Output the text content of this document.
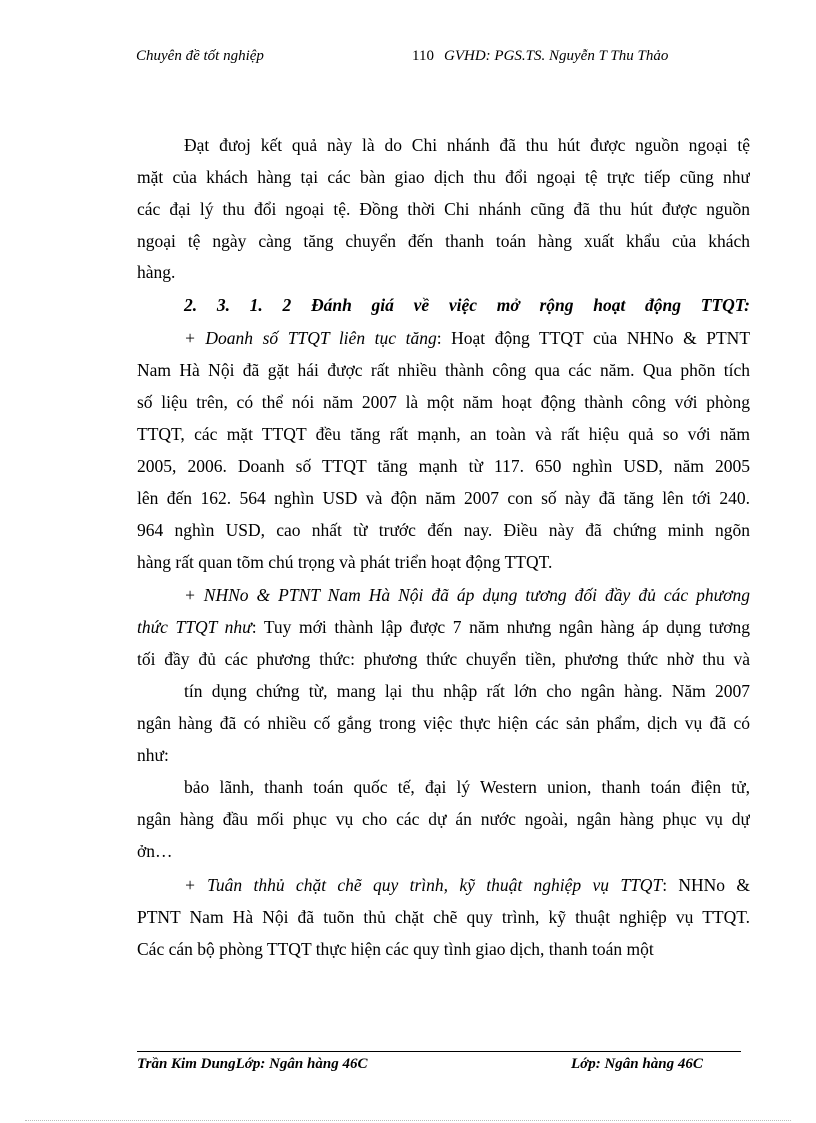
Chuyên đề tốt nghiệp	110 GVHD: PGS.TS. Nguyễn T Thu Thảo
Đạt đưoj kết quả này là do Chi nhánh đã thu hút được nguồn ngoại tệ
mặt của khách hàng tại các bàn giao dịch thu đổi ngoại tệ trực tiếp cũng như
các đại lý thu đổi ngoại tệ. Đồng thời Chi nhánh cũng đã thu hút được nguồn
ngoại tệ ngày càng tăng chuyển đến thanh toán hàng xuất khẩu của khách
hàng.
2. 3. 1. 2 Đánh giá về việc mở rộng hoạt động TTQT:
+ Doanh số TTQT liên tục tăng: Hoạt động TTQT của NHNo & PTNT
Nam Hà Nội đã gặt hái được rất nhiều thành công qua các năm. Qua phõn tích
số liệu trên, có thể nói năm 2007 là một năm hoạt động thành công với phòng
TTQT, các mặt TTQT đều tăng rất mạnh, an toàn và rất hiệu quả so với năm
2005, 2006. Doanh số TTQT tăng mạnh từ 117. 650 nghìn USD, năm 2005
lên đến 162. 564 nghìn USD và độn năm 2007 con số này đã tăng lên tới 240.
964 nghìn USD, cao nhất từ trước đến nay. Điều này đã chứng minh ngõn
hàng rất quan tõm chú trọng và phát triển hoạt động TTQT.
+ NHNo & PTNT Nam Hà Nội đã áp dụng tương đối đầy đủ các phương
thức TTQT như: Tuy mới thành lập được 7 năm nhưng ngân hàng áp dụng tương
tối đầy đủ các phương thức: phương thức chuyển tiền, phương thức nhờ thu và
tín dụng chứng từ, mang lại thu nhập rất lớn cho ngân hàng. Năm 2007
ngân hàng đã có nhiều cố gắng trong việc thực hiện các sản phẩm, dịch vụ đã có
như:
bảo lãnh, thanh toán quốc tế, đại lý Western union, thanh toán điện tử,
ngân hàng đầu mối phục vụ cho các dự án nước ngoài, ngân hàng phục vụ dự
ởn…
+ Tuân thhủ chặt chẽ quy trình, kỹ thuật nghiệp vụ TTQT: NHNo &
PTNT Nam Hà Nội đã tuõn thủ chặt chẽ quy trình, kỹ thuật nghiệp vụ TTQT.
Các cán bộ phòng TTQT thực hiện các quy tình giao dịch, thanh toán một
Trần Kim DungLớp: Ngân hàng 46C	Lớp: Ngân hàng 46C
